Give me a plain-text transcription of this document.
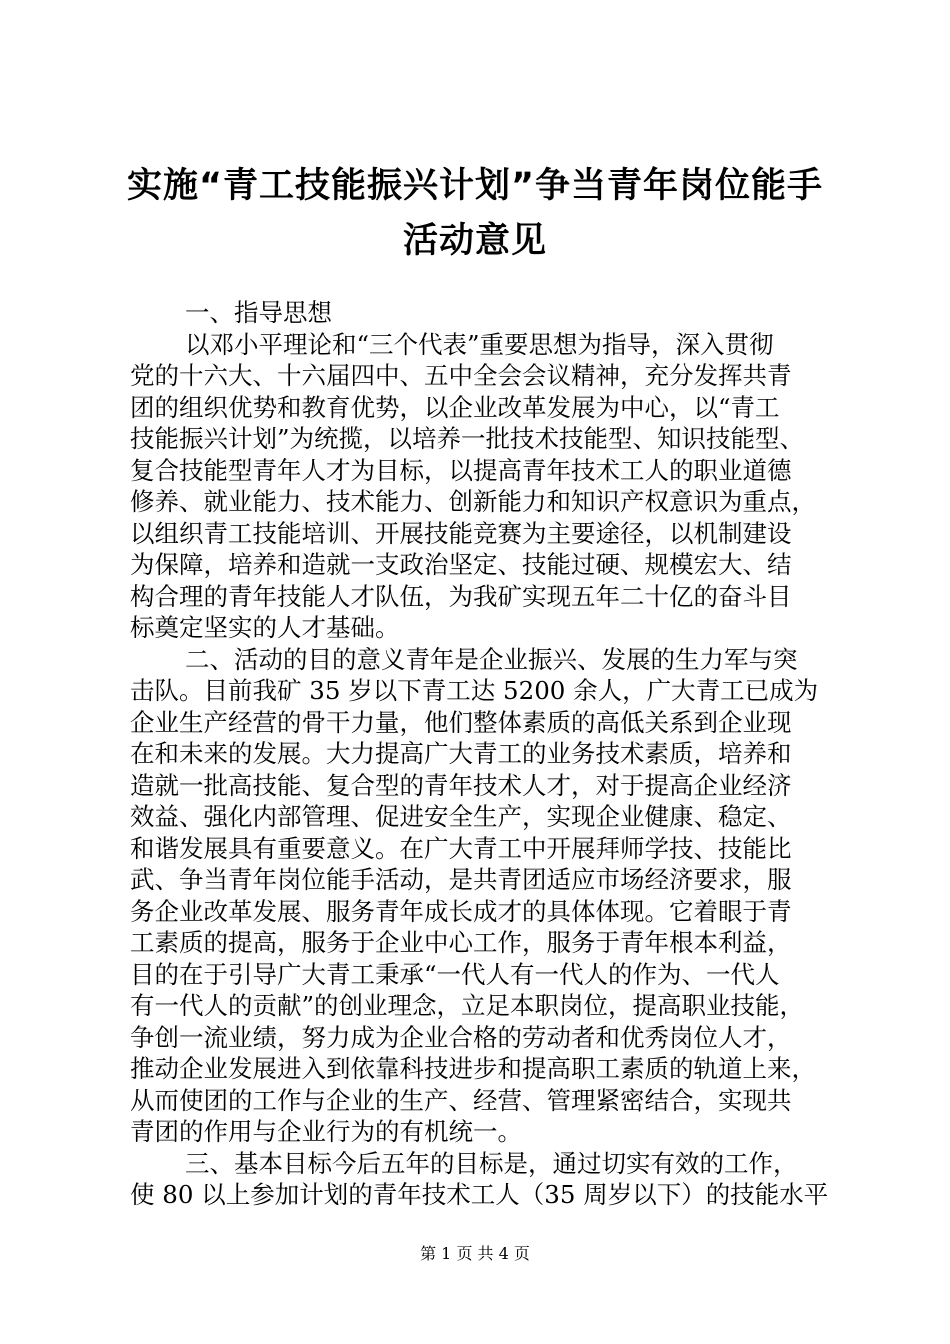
实施“青工技能振兴计划”争当青年岗位能手
活动意见
一、指导思想
以邓小平理论和“三个代表”重要思想为指导，深入贯彻
党的十六大、十六届四中、五中全会会议精神，充分发挥共青
团的组织优势和教育优势，以企业改革发展为中心，以“青工
技能振兴计划”为统揽，以培养一批技术技能型、知识技能型、
复合技能型青年人才为目标，以提高青年技术工人的职业道德
修养、就业能力、技术能力、创新能力和知识产权意识为重点，
以组织青工技能培训、开展技能竞赛为主要途径，以机制建设
为保障，培养和造就一支政治坚定、技能过硬、规模宏大、结
构合理的青年技能人才队伍，为我矿实现五年二十亿的奋斗目
标奠定坚实的人才基础。
二、活动的目的意义青年是企业振兴、发展的生力军与突
击队。目前我矿 35 岁以下青工达 5200 余人，广大青工已成为
企业生产经营的骨干力量，他们整体素质的高低关系到企业现
在和未来的发展。大力提高广大青工的业务技术素质，培养和
造就一批高技能、复合型的青年技术人才，对于提高企业经济
效益、强化内部管理、促进安全生产，实现企业健康、稳定、
和谐发展具有重要意义。在广大青工中开展拜师学技、技能比
武、争当青年岗位能手活动，是共青团适应市场经济要求，服
务企业改革发展、服务青年成长成才的具体体现。它着眼于青
工素质的提高，服务于企业中心工作，服务于青年根本利益，
目的在于引导广大青工秉承“一代人有一代人的作为、一代人
有一代人的贡献”的创业理念，立足本职岗位，提高职业技能，
争创一流业绩，努力成为企业合格的劳动者和优秀岗位人才，
推动企业发展进入到依靠科技进步和提高职工素质的轨道上来，
从而使团的工作与企业的生产、经营、管理紧密结合，实现共
青团的作用与企业行为的有机统一。
三、基本目标今后五年的目标是，通过切实有效的工作，
使 80 以上参加计划的青年技术工人（35 周岁以下）的技能水平
第 1 页 共 4 页
